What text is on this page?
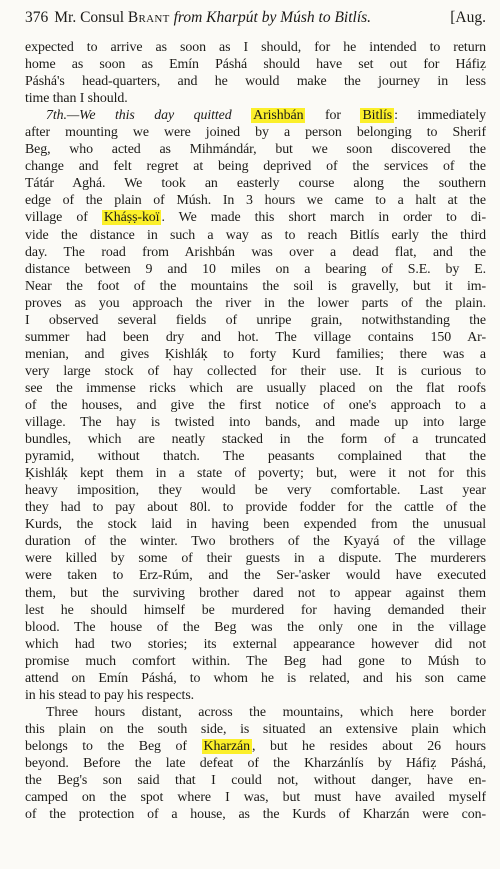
376 Mr. Consul Brant from Kharpút by Músh to Bitlís.	[Aug.
expected to arrive as soon as I should, for he intended to return
home as soon as Emín Páshá should have set out for Háfiẓ
Páshá's head-quarters, and he would make the journey in less
time than I should.
7th.—We this day quitted Arishbán for Bitlís : immediately
after mounting we were joined by a person belonging to Sherif
Beg, who acted as Mihmándár, but we soon discovered the
change and felt regret at being deprived of the services of the
Tátár Aghá. We took an easterly course along the southern
edge of the plain of Músh. In 3 hours we came to a halt at the
village of Kháṣṣ-koï . We made this short march in order to di-
vide the distance in such a way as to reach Bitlís early the third
day. The road from Arishbán was over a dead flat, and the
distance between 9 and 10 miles on a bearing of S.E. by E.
Near the foot of the mountains the soil is gravelly, but it im-
proves as you approach the river in the lower parts of the plain.
I observed several fields of unripe grain, notwithstanding the
summer had been dry and hot. The village contains 150 Ar-
menian, and gives Ḳishláḳ to forty Kurd families; there was a
very large stock of hay collected for their use. It is curious to
see the immense ricks which are usually placed on the flat roofs
of the houses, and give the first notice of one's approach to a
village. The hay is twisted into bands, and made up into large
bundles, which are neatly stacked in the form of a truncated
pyramid, without thatch. The peasants complained that the
Ḳishláḳ kept them in a state of poverty; but, were it not for this
heavy imposition, they would be very comfortable. Last year
they had to pay about 80l. to provide fodder for the cattle of the
Kurds, the stock laid in having been expended from the unusual
duration of the winter. Two brothers of the Kyayá of the village
were killed by some of their guests in a dispute. The murderers
were taken to Erz-Rúm, and the Ser-'asker would have executed
them, but the surviving brother dared not to appear against them
lest he should himself be murdered for having demanded their
blood. The house of the Beg was the only one in the village
which had two stories; its external appearance however did not
promise much comfort within. The Beg had gone to Músh to
attend on Emín Páshá, to whom he is related, and his son came
in his stead to pay his respects.
Three hours distant, across the mountains, which here border
this plain on the south side, is situated an extensive plain which
belongs to the Beg of Kharzán , but he resides about 26 hours
beyond. Before the late defeat of the Kharzánlís by Háfiẓ Páshá,
the Beg's son said that I could not, without danger, have en-
camped on the spot where I was, but must have availed myself
of the protection of a house, as the Kurds of Kharzán were con-
